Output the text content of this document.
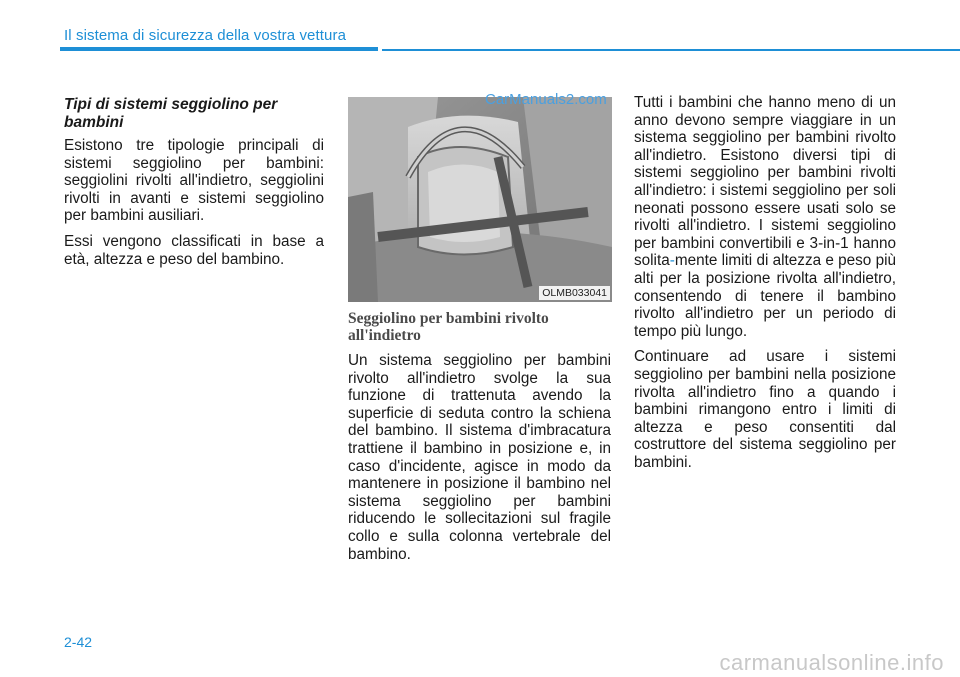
Il sistema di sicurezza della vostra vettura
Tipi di sistemi seggiolino per bambini

Esistono tre tipologie principali di sistemi seggiolino per bambini: seggiolini rivolti all'indietro, seggiolini rivolti in avanti e sistemi seggiolino per bambini ausiliari.

Essi vengono classificati in base a età, altezza e peso del bambino.

OLMB033041
CarManuals2.com
Seggiolino per bambini rivolto all'indietro

Un sistema seggiolino per bambini rivolto all'indietro svolge la sua funzione di trattenuta avendo la superficie di seduta contro la schiena del bambino. Il sistema d'imbracatura trattiene il bambino in posizione e, in caso d'incidente, agisce in modo da mantenere in posizione il bambino nel sistema seggiolino per bambini riducendo le sollecitazioni sul fragile collo e sulla colonna vertebrale del bambino.

Tutti i bambini che hanno meno di un anno devono sempre viaggiare in un sistema seggiolino per bambini rivolto all'indietro. Esistono diversi tipi di sistemi seggiolino per bambini rivolti all'indietro: i sistemi seggiolino per soli neonati possono essere usati solo se rivolti all'indietro. I sistemi seggiolino per bambini convertibili e 3-in-1 hanno solita-mente limiti di altezza e peso più alti per la posizione rivolta all'indietro, consentendo di tenere il bambino rivolto all'indietro per un periodo di tempo più lungo.

Continuare ad usare i sistemi seggiolino per bambini nella posizione rivolta all'indietro fino a quando i bambini rimangono entro i limiti di altezza e peso consentiti dal costruttore del sistema seggiolino per bambini.

2-42
carmanualsonline.info
